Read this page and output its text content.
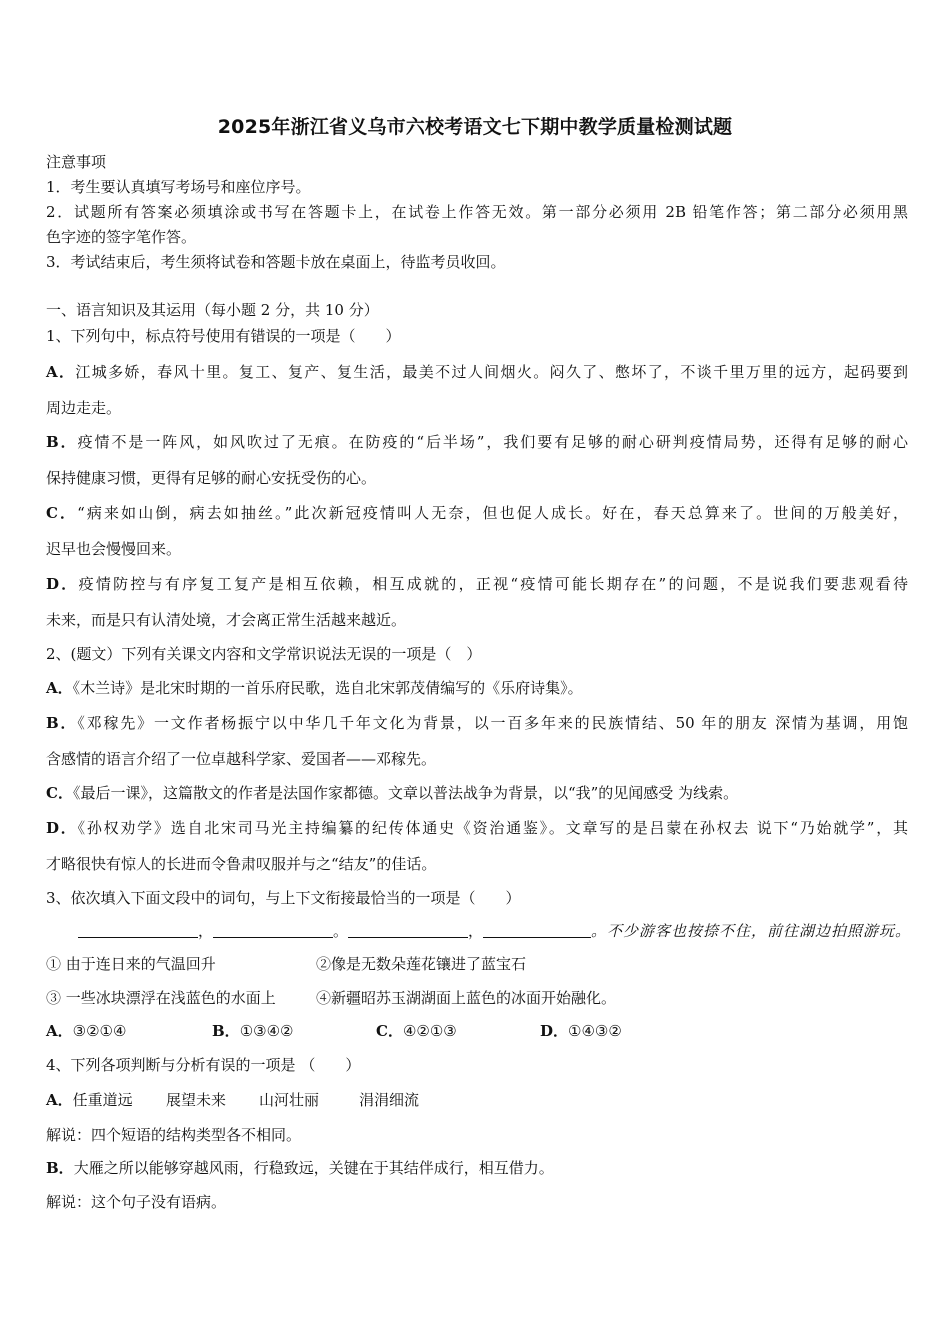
2025年浙江省义乌市六校考语文七下期中教学质量检测试题
注意事项
1．考生要认真填写考场号和座位序号。
2．试题所有答案必须填涂或书写在答题卡上，在试卷上作答无效。第一部分必须用 2B 铅笔作答；第二部分必须用黑
色字迹的签字笔作答。
3．考试结束后，考生须将试卷和答题卡放在桌面上，待监考员收回。
一、语言知识及其运用（每小题 2 分，共 10 分）
1、下列句中，标点符号使用有错误的一项是（　　）
A．江城多娇，春风十里。复工、复产、复生活，最美不过人间烟火。闷久了、憋坏了，不谈千里万里的远方，起码要到
周边走走。
B．疫情不是一阵风，如风吹过了无痕。在防疫的“后半场”，我们要有足够的耐心研判疫情局势，还得有足够的耐心
保持健康习惯，更得有足够的耐心安抚受伤的心。
C．“病来如山倒，病去如抽丝。”此次新冠疫情叫人无奈，但也促人成长。好在，春天总算来了。世间的万般美好，
迟早也会慢慢回来。
D．疫情防控与有序复工复产是相互依赖，相互成就的，正视“疫情可能长期存在”的问题，不是说我们要悲观看待
未来，而是只有认清处境，才会离正常生活越来越近。
2、(题文）下列有关课文内容和文学常识说法无误的一项是（　）
A．《木兰诗》是北宋时期的一首乐府民歌，选自北宋郭茂倩编写的《乐府诗集》。
B．《邓稼先》一文作者杨振宁以中华几千年文化为背景，以一百多年来的民族情结、50 年的朋友 深情为基调，用饱
含感情的语言介绍了一位卓越科学家、爱国者——邓稼先。
C．《最后一课》，这篇散文的作者是法国作家都德。文章以普法战争为背景，以“我”的见闻感受 为线索。
D．《孙权劝学》选自北宋司马光主持编纂的纪传体通史《资治通鉴》。文章写的是吕蒙在孙权去 说下“乃始就学”，其
才略很快有惊人的长进而令鲁肃叹服并与之“结友”的佳话。
3、依次填入下面文段中的词句，与上下文衔接最恰当的一项是（　　）
，	。	，	。不少游客也按捺不住，前往湖边拍照游玩。
① 由于连日来的气温回升	②像是无数朵莲花镶进了蓝宝石
③ 一些冰块漂浮在浅蓝色的水面上	④新疆昭苏玉湖湖面上蓝色的冰面开始融化。
A．③②①④	B．①③④②	C．④②①③	D．①④③②
4、下列各项判断与分析有误的一项是 （　　）
A．任重道远 展望未来 山河壮丽	涓涓细流
解说：四个短语的结构类型各不相同。
B．大雁之所以能够穿越风雨，行稳致远，关键在于其结伴成行，相互借力。
解说：这个句子没有语病。
